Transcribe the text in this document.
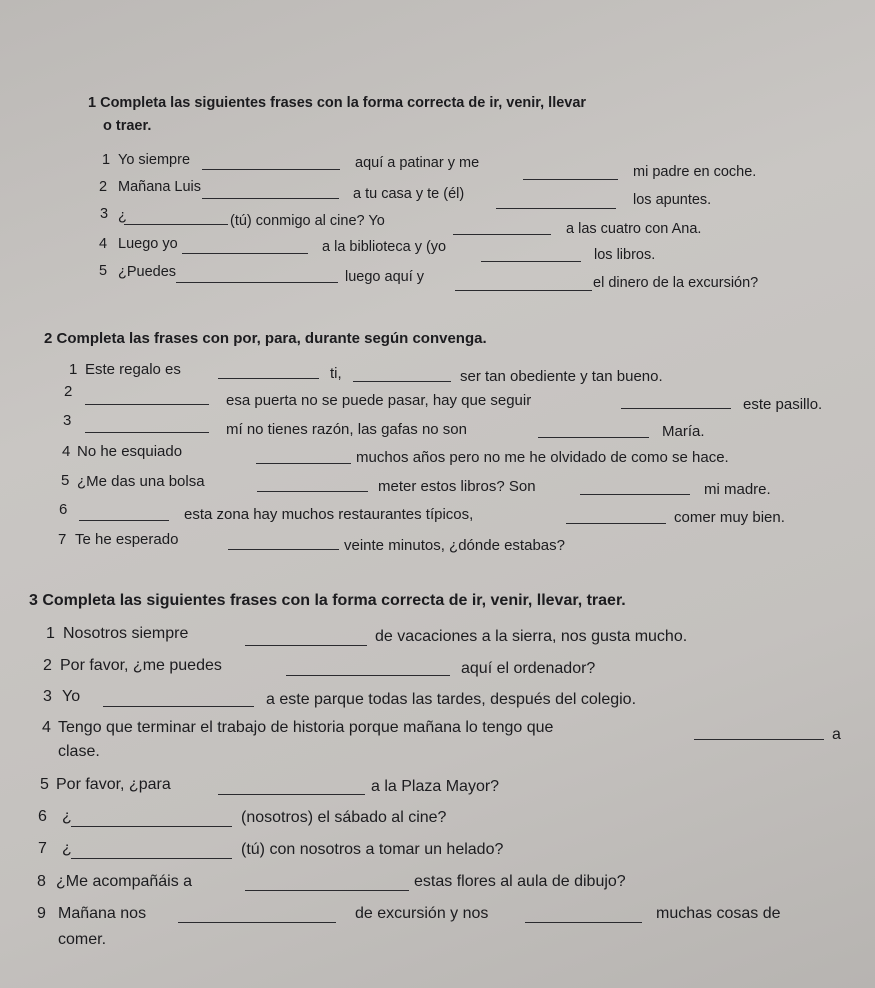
1 Completa las siguientes frases con la forma correcta de ir, venir, llevar
o traer.
1 Yo siempre	aquí a patinar y me
mi padre en coche.
2 Mañana Luis	a tu casa y te (él)	los apuntes.
3 ¿	(tú) conmigo al cine? Yo	a las cuatro con Ana.
4 Luego yo	a la biblioteca y (yo	los libros.
5 ¿Puedes	luego aquí y	el dinero de la excursión?
2 Completa las frases con por, para, durante según convenga.
1 Este regalo es	ti,	ser tan obediente y tan bueno.
2
esa puerta no se puede pasar, hay que seguir	este pasillo.
3
mí no tienes razón, las gafas no son	María.
4 No he esquiado	muchos años pero no me he olvidado de como se hace.
5 ¿Me das una bolsa	meter estos libros? Son	mi madre.
6	esta zona hay muchos restaurantes típicos,	comer muy bien.
7 Te he esperado	veinte minutos, ¿dónde estabas?
3 Completa las siguientes frases con la forma correcta de ir, venir, llevar, traer.
1 Nosotros siempre	de vacaciones a la sierra, nos gusta mucho.
2 Por favor, ¿me puedes	aquí el ordenador?
3 Yo	a este parque todas las tardes, después del colegio.
4 Tengo que terminar el trabajo de historia porque mañana lo tengo que	a
clase.
5 Por favor, ¿para	a la Plaza Mayor?
6 ¿	(nosotros) el sábado al cine?
7 ¿	(tú) con nosotros a tomar un helado?
8 ¿Me acompañáis a	estas flores al aula de dibujo?
9 Mañana nos	de excursión y nos	muchas cosas de
comer.
